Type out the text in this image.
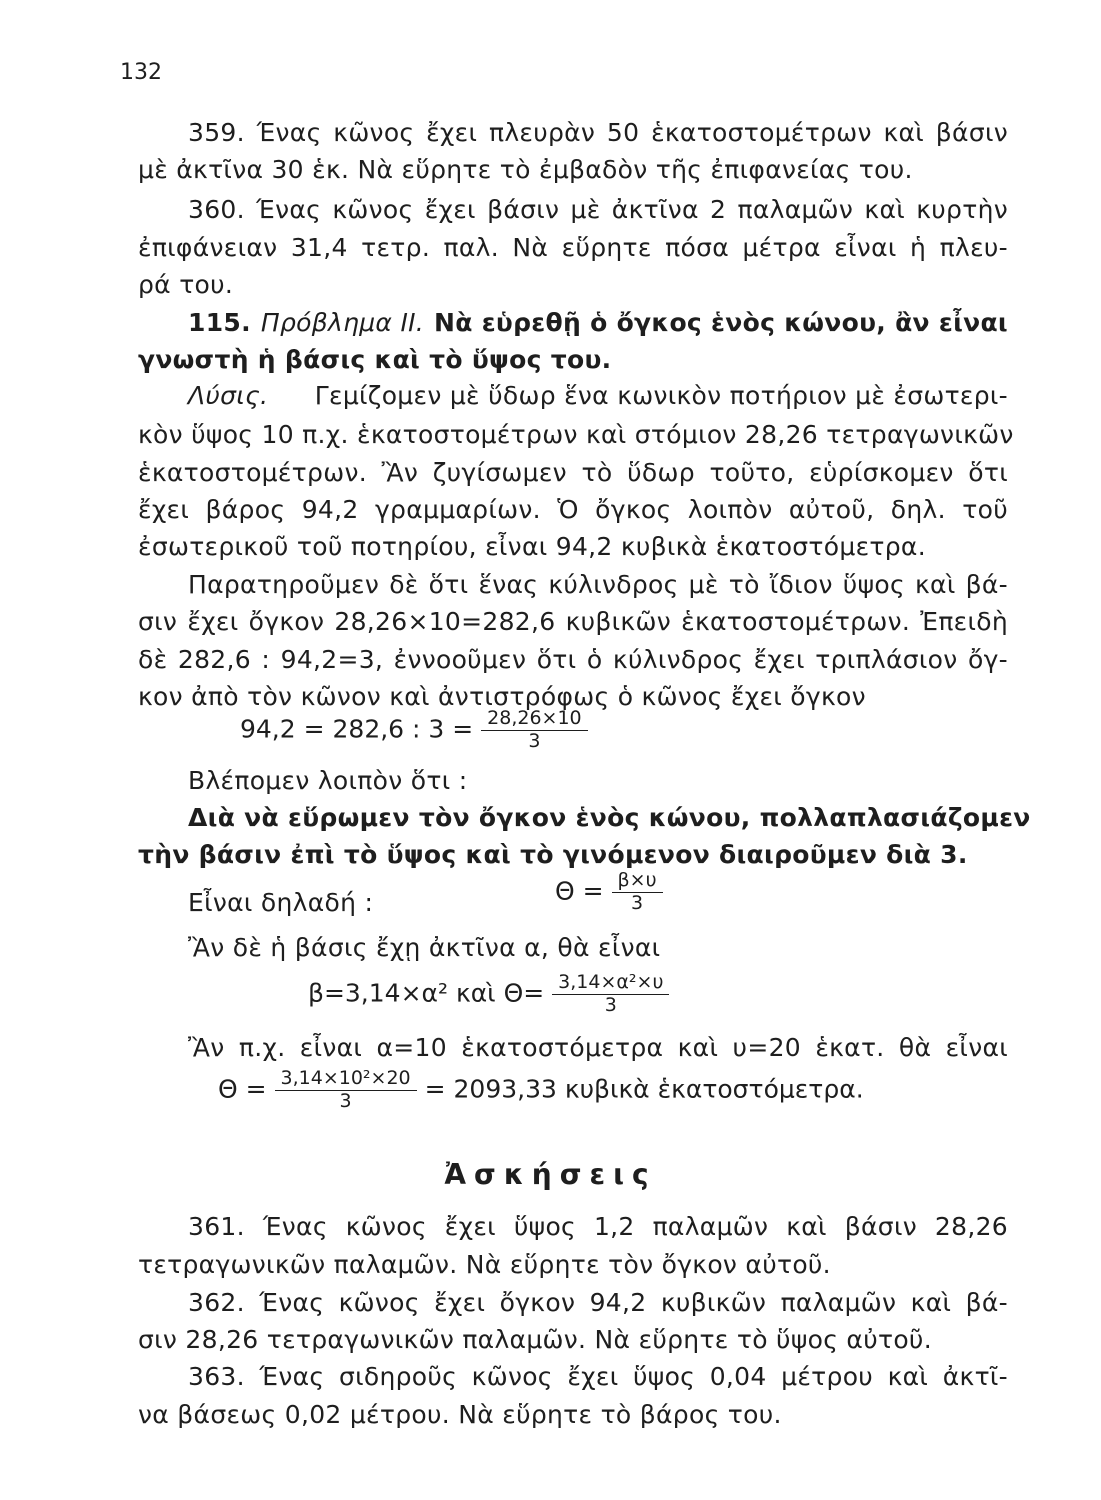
132
359. Ένας κῶνος ἔχει πλευρὰν 50 ἑκατοστομέτρων καὶ βάσιν
μὲ ἀκτῖνα 30 ἑκ. Νὰ εὕρητε τὸ ἐμβαδὸν τῆς ἐπιφανείας του.
360. Ένας κῶνος ἔχει βάσιν μὲ ἀκτῖνα 2 παλαμῶν καὶ κυρτὴν
ἐπιφάνειαν 31,4 τετρ. παλ. Νὰ εὕρητε πόσα μέτρα εἶναι ἡ πλευ-
ρά του.
115. Πρόβλημα ΙΙ. Νὰ εὑρεθῇ ὁ ὄγκος ἑνὸς κώνου, ἂν εἶναι
γνωστὴ ἡ βάσις καὶ τὸ ὕψος του.
Λύσις. Γεμίζομεν μὲ ὕδωρ ἕνα κωνικὸν ποτήριον μὲ ἐσωτερι-
κὸν ὕψος 10 π.χ. ἑκατοστομέτρων καὶ στόμιον 28,26 τετραγωνικῶν
ἑκατοστομέτρων. Ἂν ζυγίσωμεν τὸ ὕδωρ τοῦτο, εὑρίσκομεν ὅτι
ἔχει βάρος 94,2 γραμμαρίων. Ὁ ὄγκος λοιπὸν αὐτοῦ, δηλ. τοῦ
ἐσωτερικοῦ τοῦ ποτηρίου, εἶναι 94,2 κυβικὰ ἑκατοστόμετρα.
Παρατηροῦμεν δὲ ὅτι ἕνας κύλινδρος μὲ τὸ ἴδιον ὕψος καὶ βά-
σιν ἔχει ὄγκον 28,26×10=282,6 κυβικῶν ἑκατοστομέτρων. Ἐπειδὴ
δὲ 282,6 : 94,2=3, ἐννοοῦμεν ὅτι ὁ κύλινδρος ἔχει τριπλάσιον ὄγ-
κον ἀπὸ τὸν κῶνον καὶ ἀντιστρόφως ὁ κῶνος ἔχει ὄγκον
94,2 = 282,6 : $3 = \frac{28,26\times 10}{3}$
Βλέπομεν λοιπὸν ὅτι :
Διὰ νὰ εὕρωμεν τὸν ὄγκον ἑνὸς κώνου, πολλαπλασιάζομεν
τὴν βάσιν ἐπὶ τὸ ὕψος καὶ τὸ γινόμενον διαιροῦμεν διὰ 3.
Εἶναι δηλαδή :	$\Theta = \frac{\beta\times\upsilon}{3}$
Ἂν δὲ ἡ βάσις ἔχῃ ἀκτῖνα α, θὰ εἶναι
β=3,14×α² καὶ $\Theta= \frac{\text{3,14×α²×υ}}{3}$
Ἂν π.χ. εἶναι α=10 ἑκατοστόμετρα καὶ υ=20 ἑκατ. θὰ εἶναι
$\Theta = \frac{\text{3,14×10²×20}}{3} = 2093,33$ κυβικὰ ἑκατοστόμετρα.
Ἀσκήσεις
361. Ένας κῶνος ἔχει ὕψος 1,2 παλαμῶν καὶ βάσιν 28,26
τετραγωνικῶν παλαμῶν. Νὰ εὕρητε τὸν ὄγκον αὐτοῦ.
362. Ένας κῶνος ἔχει ὄγκον 94,2 κυβικῶν παλαμῶν καὶ βά-
σιν 28,26 τετραγωνικῶν παλαμῶν. Νὰ εὕρητε τὸ ὕψος αὐτοῦ.
363. Ένας σιδηροῦς κῶνος ἔχει ὕψος 0,04 μέτρου καὶ ἀκτῖ-
να βάσεως 0,02 μέτρου. Νὰ εὕρητε τὸ βάρος του.
